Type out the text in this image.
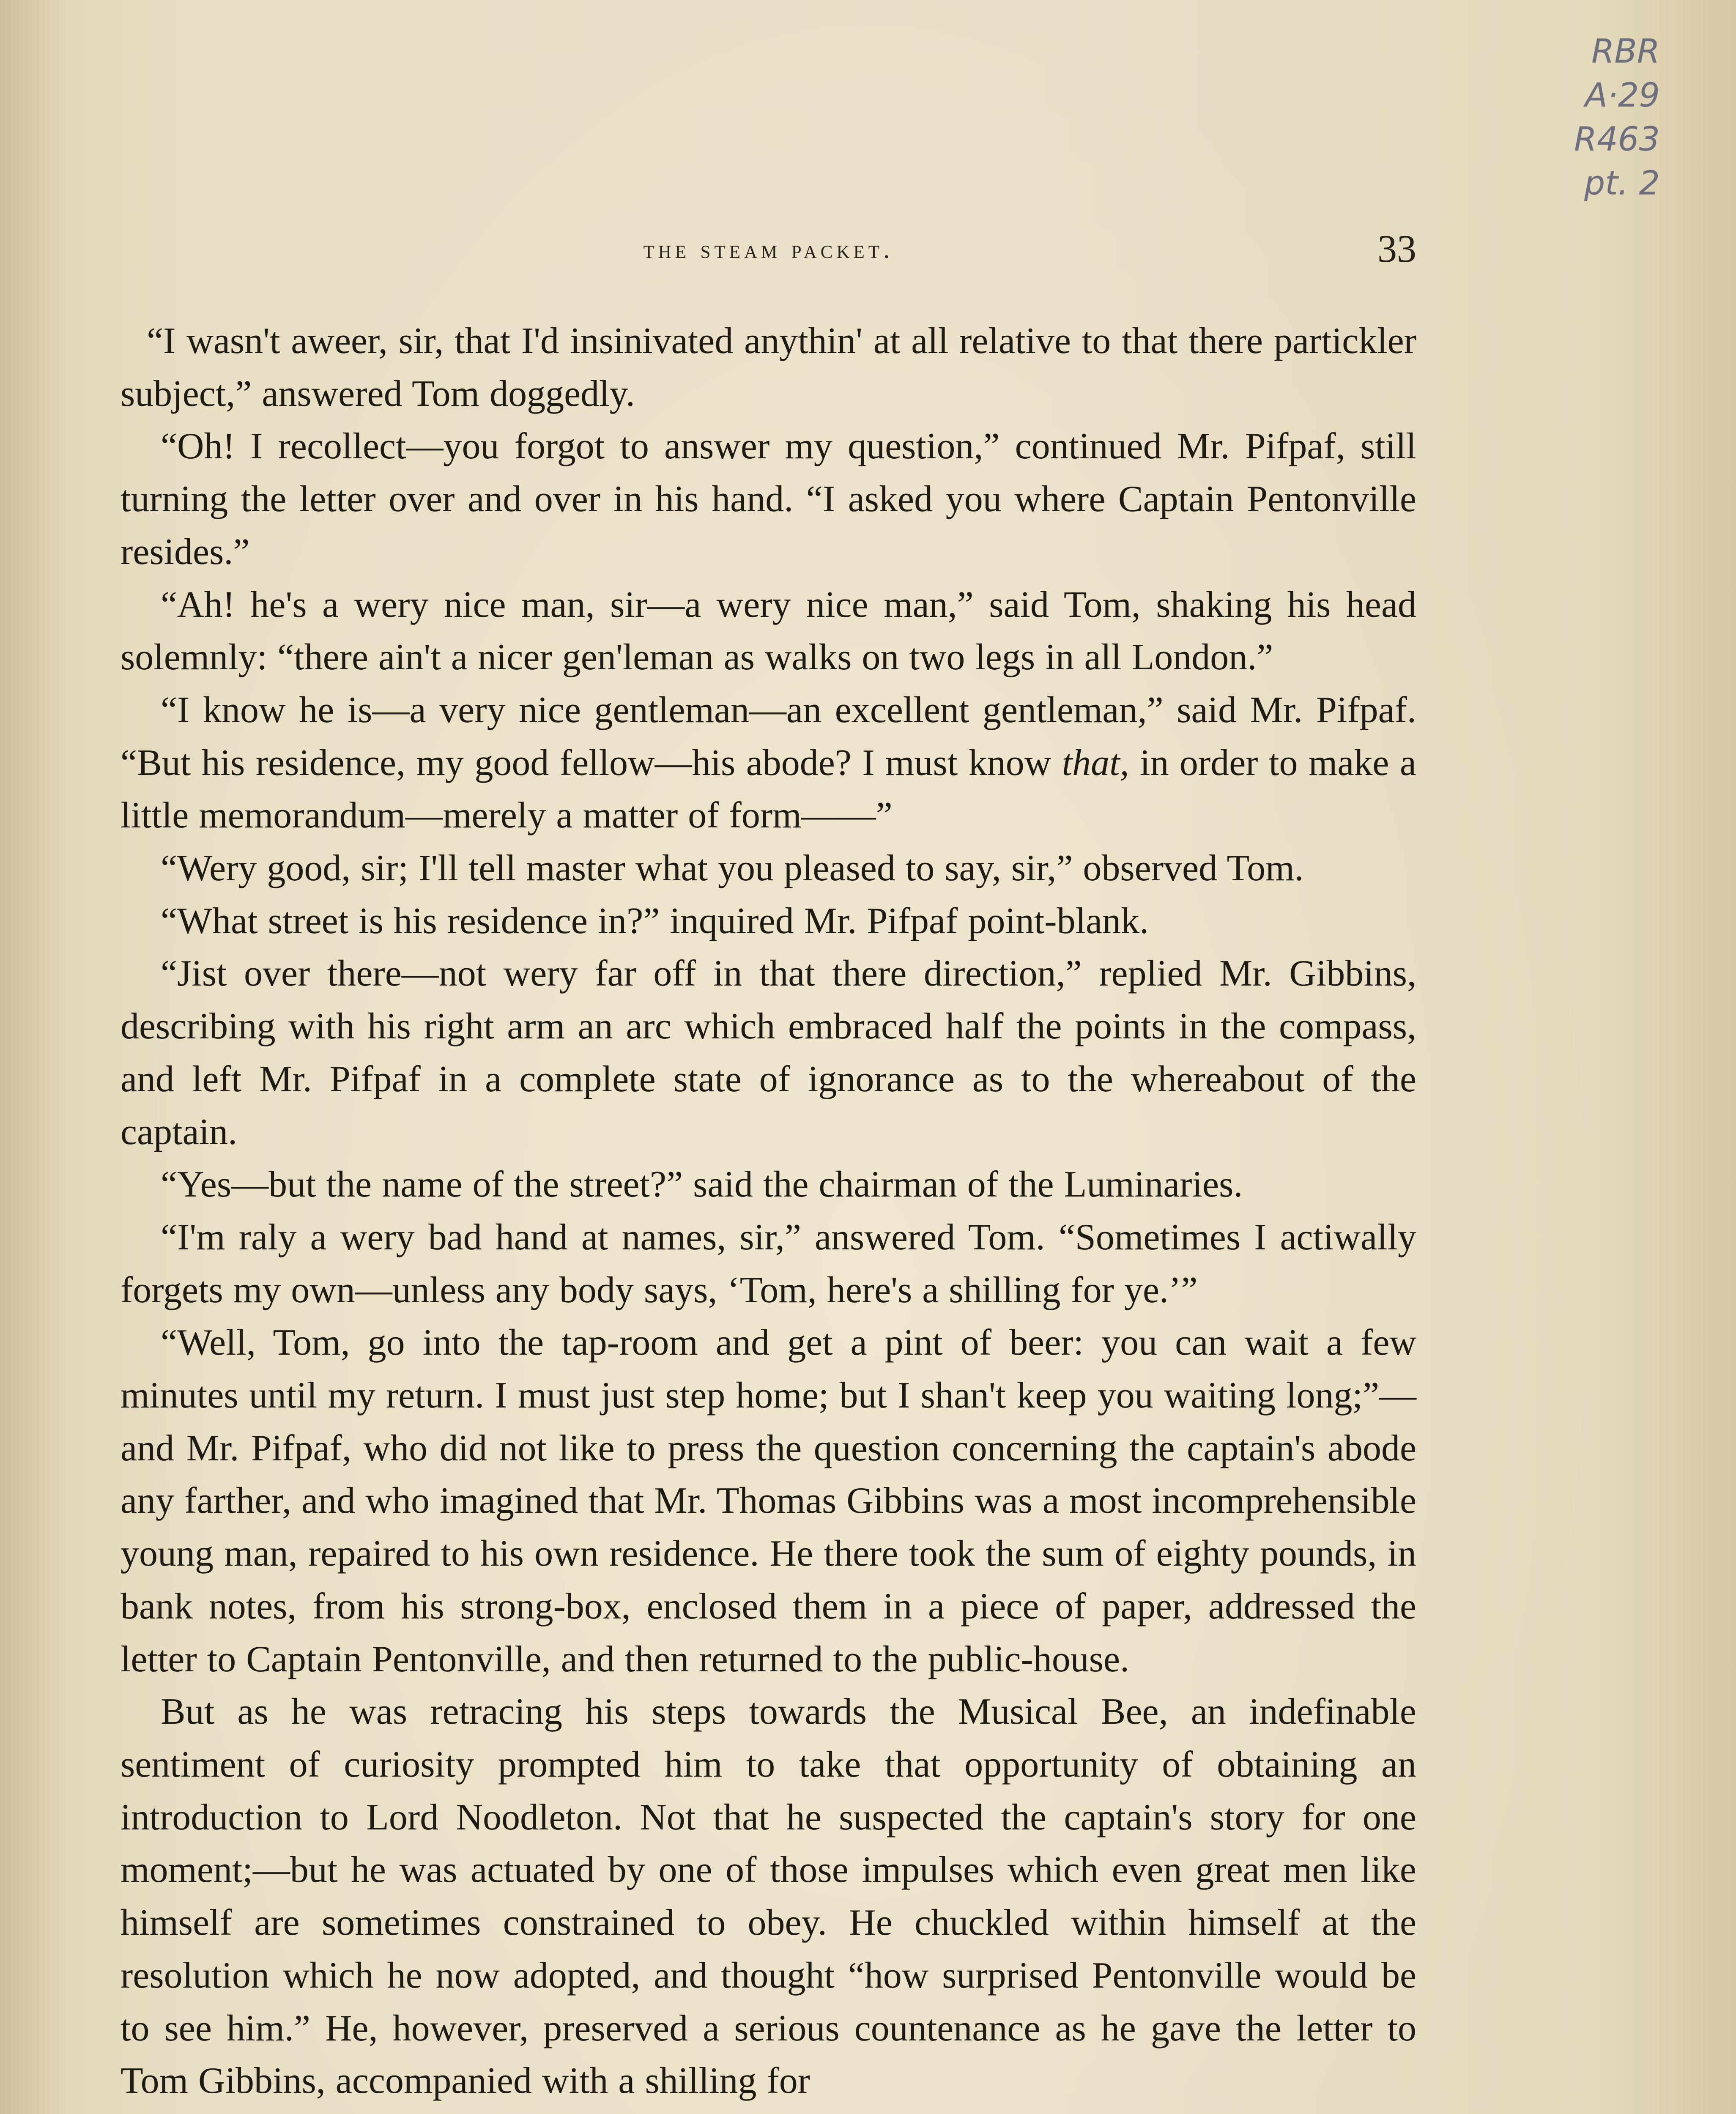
RBR
A·29
R463
pt. 2
the steam packet.	33

“I wasn't aweer, sir, that I'd insinivated anythin' at all relative to that there partickler subject,” answered Tom doggedly.

“Oh! I recollect—you forgot to answer my question,” continued Mr. Pifpaf, still turning the letter over and over in his hand. “I asked you where Captain Pentonville resides.”

“Ah! he's a wery nice man, sir—a wery nice man,” said Tom, shaking his head solemnly: “there ain't a nicer gen'leman as walks on two legs in all London.”

“I know he is—a very nice gentleman—an excellent gentleman,” said Mr. Pifpaf. “But his residence, my good fellow—his abode? I must know that, in order to make a little memorandum—merely a matter of form——”

“Wery good, sir; I'll tell master what you pleased to say, sir,” observed Tom.

“What street is his residence in?” inquired Mr. Pifpaf point-blank.

“Jist over there—not wery far off in that there direction,” replied Mr. Gibbins, describing with his right arm an arc which embraced half the points in the compass, and left Mr. Pifpaf in a complete state of ignorance as to the whereabout of the captain.

“Yes—but the name of the street?” said the chairman of the Luminaries.

“I'm raly a wery bad hand at names, sir,” answered Tom. “Sometimes I actiwally forgets my own—unless any body says, ‘Tom, here's a shilling for ye.’”

“Well, Tom, go into the tap-room and get a pint of beer: you can wait a few minutes until my return. I must just step home; but I shan't keep you waiting long;”—and Mr. Pifpaf, who did not like to press the question concerning the captain's abode any farther, and who imagined that Mr. Thomas Gibbins was a most incomprehensible young man, repaired to his own residence. He there took the sum of eighty pounds, in bank notes, from his strong-box, enclosed them in a piece of paper, addressed the letter to Captain Pentonville, and then returned to the public-house.

But as he was retracing his steps towards the Musical Bee, an indefinable sentiment of curiosity prompted him to take that opportunity of obtaining an introduction to Lord Noodleton. Not that he suspected the captain's story for one moment;—but he was actuated by one of those impulses which even great men like himself are sometimes constrained to obey. He chuckled within himself at the resolution which he now adopted, and thought “how surprised Pentonville would be to see him.” He, however, preserved a serious countenance as he gave the letter to Tom Gibbins, accompanied with a shilling for
